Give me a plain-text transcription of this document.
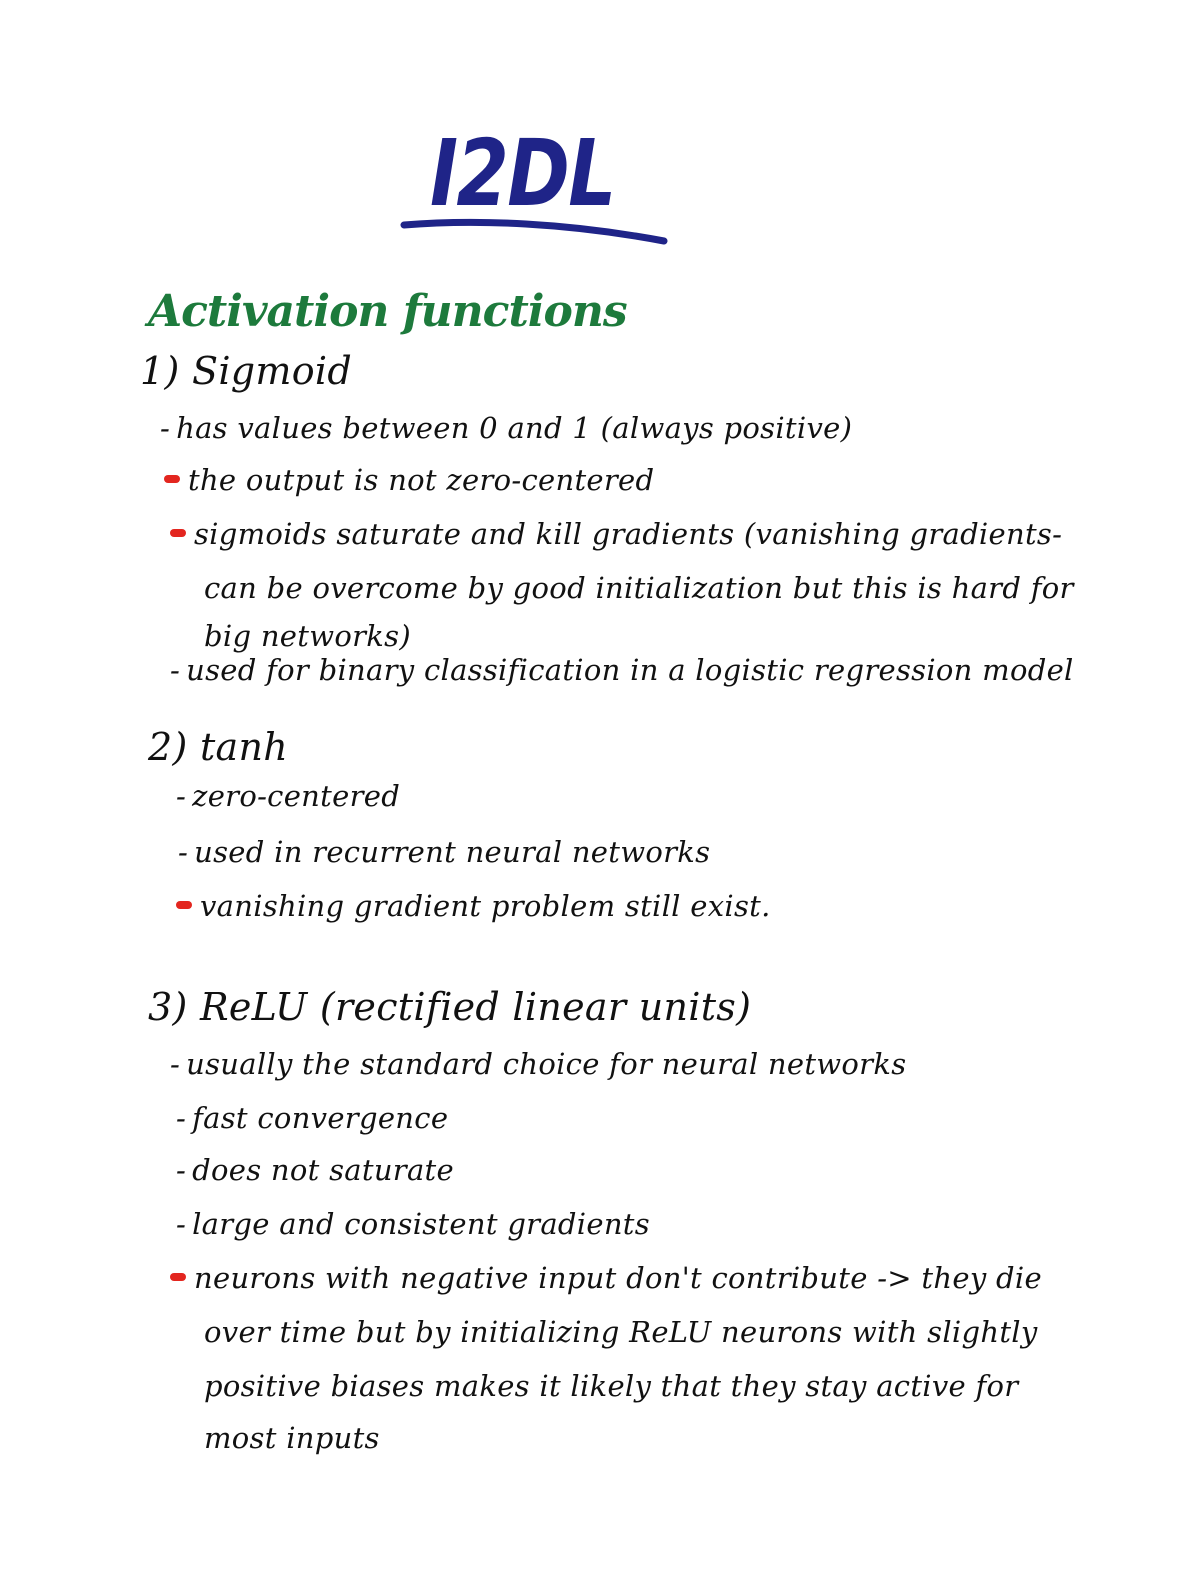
I2DL
Activation functions
1) Sigmoid
- has values between 0 and 1 (always positive)
the output is not zero-centered
sigmoids saturate and kill gradients (vanishing gradients-
can be overcome by good initialization but this is hard for
big networks)
- used for binary classification in a logistic regression model
2) tanh
- zero-centered
- used in recurrent neural networks
vanishing gradient problem still exist.
3) ReLU (rectified linear units)
- usually the standard choice for neural networks
- fast convergence
- does not saturate
- large and consistent gradients
neurons with negative input don't contribute -> they die
over time but by initializing ReLU neurons with slightly
positive biases makes it likely that they stay active for
most inputs
